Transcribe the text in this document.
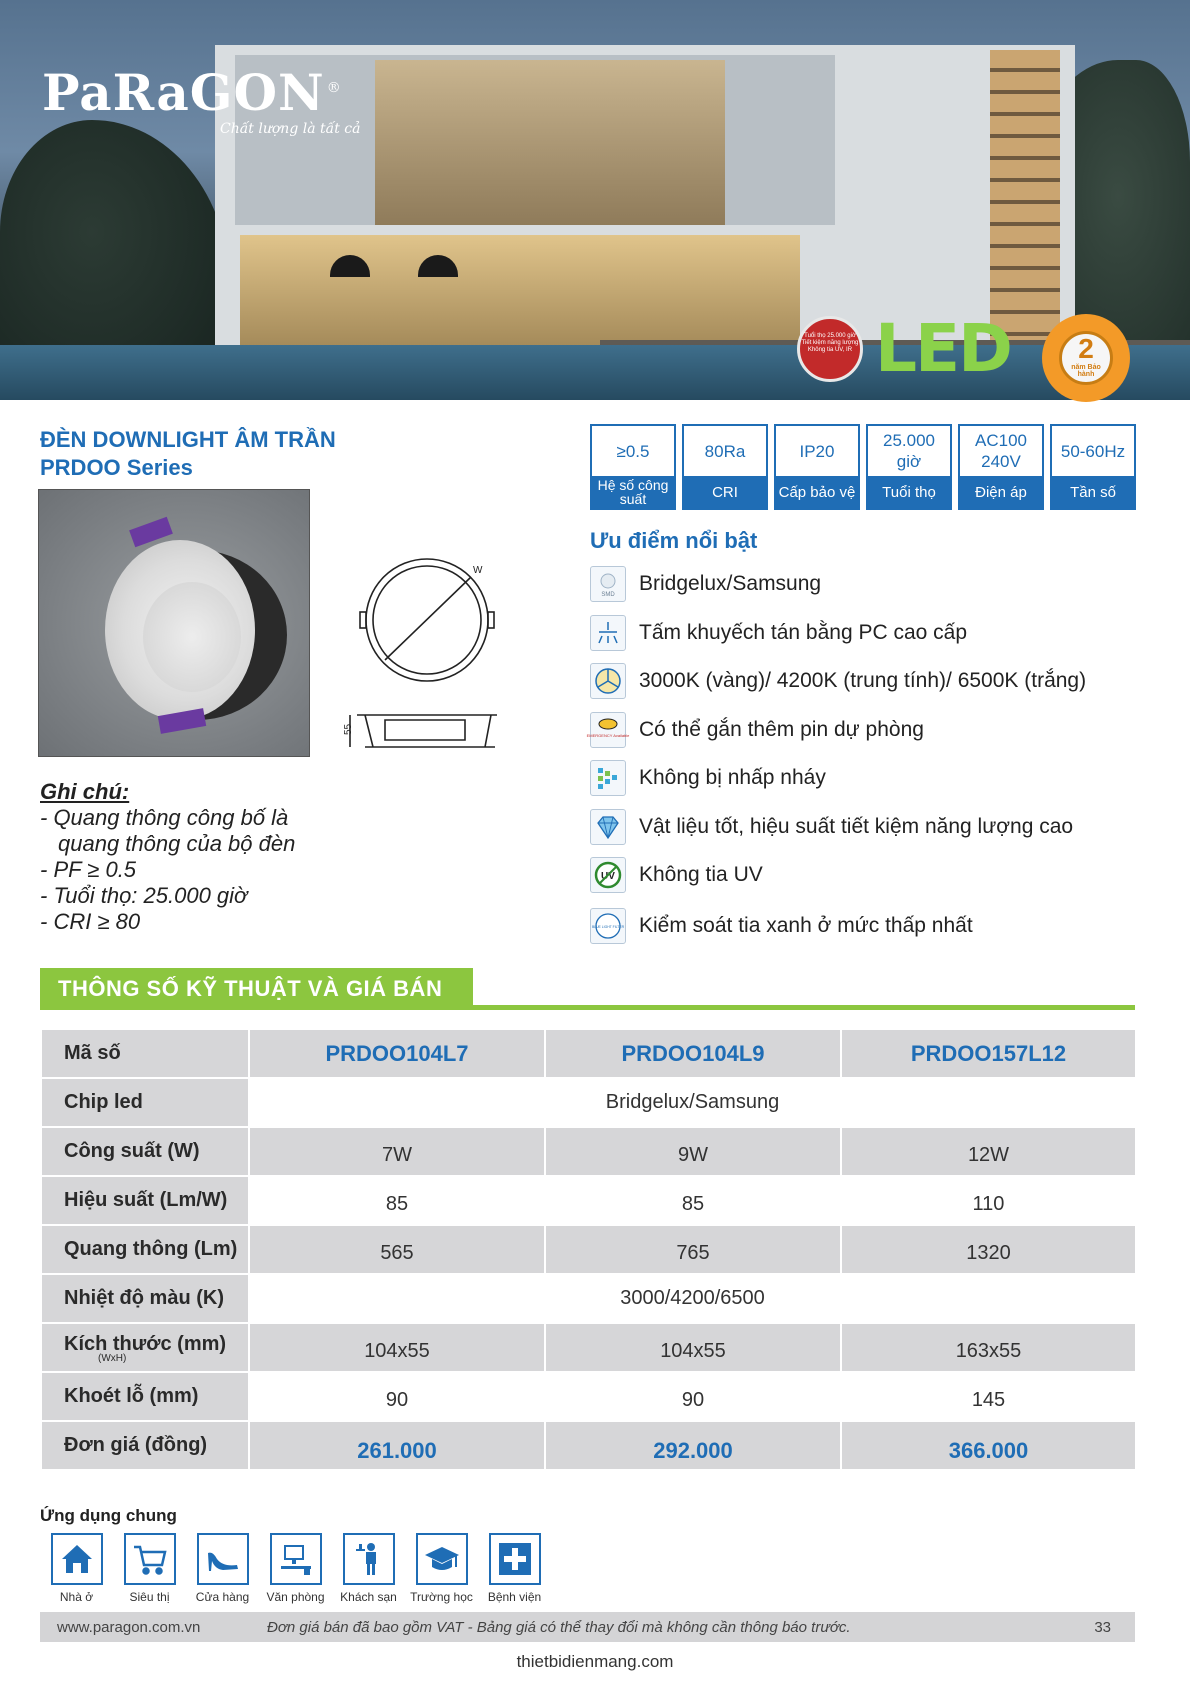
PaRaGON ®
Chất lượng là tất cả
Tuổi thọ 25.000 giờ Tiết kiệm năng lượng Không tia UV, IR LED	2
năm Bảo hành
ĐÈN DOWNLIGHT ÂM TRẦN
PRDOO Series
W
55
Ghi chú:
- Quang thông công bố là
quang thông của bộ đèn
- PF ≥ 0.5
- Tuổi thọ: 25.000 giờ
- CRI ≥ 80
≥0.5
Hệ số công suất
80Ra
CRI
IP20
Cấp bảo vệ
25.000 giờ
Tuổi thọ
AC100 240V
Điện áp
50-60Hz
Tần số
Ưu điểm nổi bật
SMD Bridgelux/Samsung
Tấm khuyếch tán bằng PC cao cấp
3000K (vàng)/ 4200K (trung tính)/ 6500K (trắng)
EMERGENCY Available Có thể gắn thêm pin dự phòng
Không bị nhấp nháy
Vật liệu tốt, hiệu suất tiết kiệm năng lượng cao
UV Không tia UV
BLUE LIGHT FILTER Kiểm soát tia xanh ở mức thấp nhất
THÔNG SỐ KỸ THUẬT VÀ GIÁ BÁN
Mã số	PRDOO104L7	PRDOO104L9	PRDOO157L12
Chip led	Bridgelux/Samsung		
Công suất (W)	7W	9W	12W
Hiệu suất (Lm/W)	85	85	110
Quang thông (Lm)	565	765	1320
Nhiệt độ màu (K)	3000/4200/6500		
Kích thước (mm)
(WxH)	104x55	104x55	163x55
Khoét lỗ (mm)	90	90	145
Đơn giá (đồng)	261.000	292.000	366.000
Ứng dụng chung
Nhà ở	Siêu thị Cửa hàng Văn phòng Khách sạn Trường học Bệnh viện
www.paragon.com.vn	Đơn giá bán đã bao gồm VAT - Bảng giá có thể thay đổi mà không cần thông báo trước.	33
thietbidienmang.com
